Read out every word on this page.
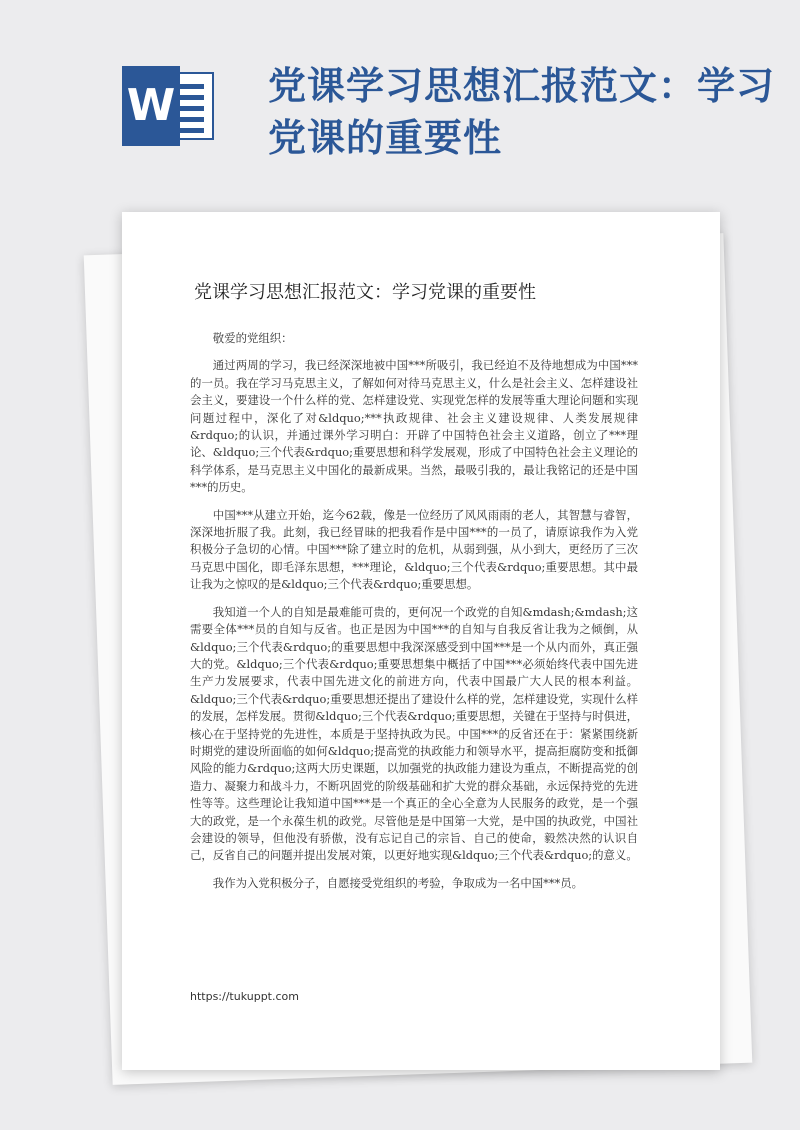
W 党课学习思想汇报范文：学习党课的重要性
党课学习思想汇报范文：学习党课的重要性
敬爱的党组织：

通过两周的学习，我已经深深地被中国***所吸引，我已经迫不及待地想成为中国***的一员。我在学习马克思主义，了解如何对待马克思主义，什么是社会主义、怎样建设社会主义，要建设一个什么样的党、怎样建设党、实现党怎样的发展等重大理论问题和实现问题过程中，深化了对&ldquo;***执政规律、社会主义建设规律、人类发展规律&rdquo;的认识，并通过课外学习明白：开辟了中国特色社会主义道路，创立了***理论、&ldquo;三个代表&rdquo;重要思想和科学发展观，形成了中国特色社会主义理论的科学体系，是马克思主义中国化的最新成果。当然，最吸引我的，最让我铭记的还是中国***的历史。

中国***从建立开始，迄今62载，像是一位经历了风风雨雨的老人，其智慧与睿智，深深地折服了我。此刻，我已经冒昧的把我看作是中国***的一员了，请原谅我作为入党积极分子急切的心情。中国***除了建立时的危机，从弱到强，从小到大，更经历了三次马克思中国化，即毛泽东思想，***理论，&ldquo;三个代表&rdquo;重要思想。其中最让我为之惊叹的是&ldquo;三个代表&rdquo;重要思想。

我知道一个人的自知是最难能可贵的，更何况一个政党的自知&mdash;&mdash;这需要全体***员的自知与反省。也正是因为中国***的自知与自我反省让我为之倾倒，从&ldquo;三个代表&rdquo;的重要思想中我深深感受到中国***是一个从内而外，真正强大的党。&ldquo;三个代表&rdquo;重要思想集中概括了中国***必须始终代表中国先进生产力发展要求，代表中国先进文化的前进方向，代表中国最广大人民的根本利益。&ldquo;三个代表&rdquo;重要思想还提出了建设什么样的党，怎样建设党，实现什么样的发展，怎样发展。贯彻&ldquo;三个代表&rdquo;重要思想，关键在于坚持与时俱进，核心在于坚持党的先进性，本质是于坚持执政为民。中国***的反省还在于：紧紧围绕新时期党的建设所面临的如何&ldquo;提高党的执政能力和领导水平，提高拒腐防变和抵御风险的能力&rdquo;这两大历史课题，以加强党的执政能力建设为重点，不断提高党的创造力、凝聚力和战斗力，不断巩固党的阶级基础和扩大党的群众基础，永远保持党的先进性等等。这些理论让我知道中国***是一个真正的全心全意为人民服务的政党，是一个强大的政党，是一个永葆生机的政党。尽管他是是中国第一大党，是中国的执政党，中国社会建设的领导，但他没有骄傲，没有忘记自己的宗旨、自己的使命，毅然决然的认识自己，反省自己的问题并提出发展对策，以更好地实现&ldquo;三个代表&rdquo;的意义。

我作为入党积极分子，自愿接受党组织的考验，争取成为一名中国***员。

https://tukuppt.com
